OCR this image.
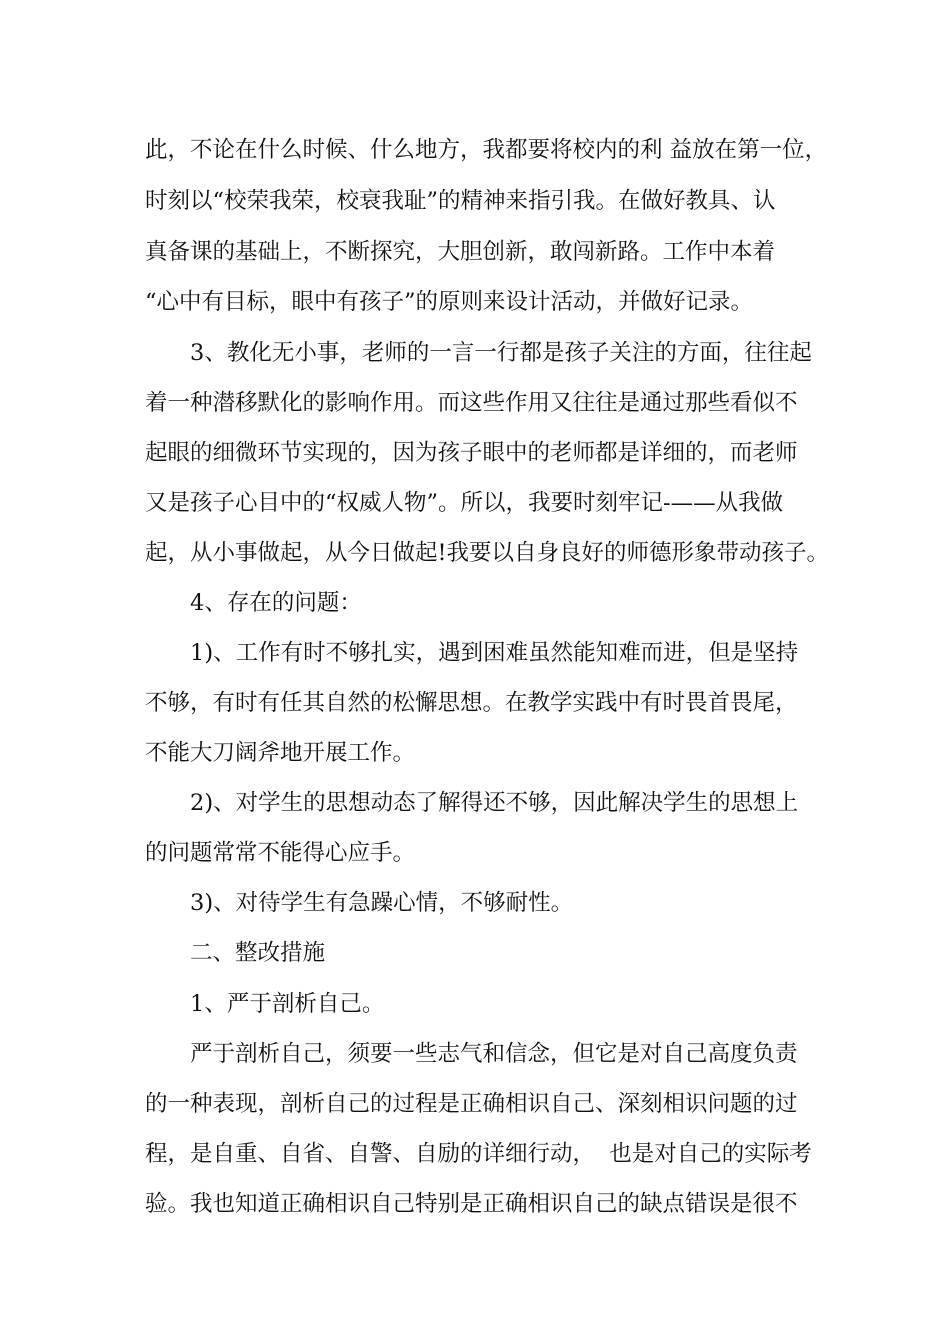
此，不论在什么时候、什么地方，我都要将校内的利 益放在第一位，
时刻以“校荣我荣，校衰我耻”的精神来指引我。在做好教具、认
真备课的基础上，不断探究，大胆创新，敢闯新路。工作中本着
“心中有目标，眼中有孩子”的原则来设计活动，并做好记录。
3、教化无小事，老师的一言一行都是孩子关注的方面，往往起
着一种潜移默化的影响作用。而这些作用又往往是通过那些看似不
起眼的细微环节实现的，因为孩子眼中的老师都是详细的，而老师
又是孩子心目中的“权威人物”。所以，我要时刻牢记-——从我做
起，从小事做起，从今日做起!我要以自身良好的师德形象带动孩子。
4、存在的问题：
1)、工作有时不够扎实，遇到困难虽然能知难而进，但是坚持
不够，有时有任其自然的松懈思想。在教学实践中有时畏首畏尾，
不能大刀阔斧地开展工作。
2)、对学生的思想动态了解得还不够，因此解决学生的思想上
的问题常常不能得心应手。
3)、对待学生有急躁心情，不够耐性。
二、整改措施
1、严于剖析自己。
严于剖析自己，须要一些志气和信念，但它是对自己高度负责
的一种表现，剖析自己的过程是正确相识自己、深刻相识问题的过
程，是自重、自省、自警、自励的详细行动，  也是对自己的实际考
验。我也知道正确相识自己特别是正确相识自己的缺点错误是很不
